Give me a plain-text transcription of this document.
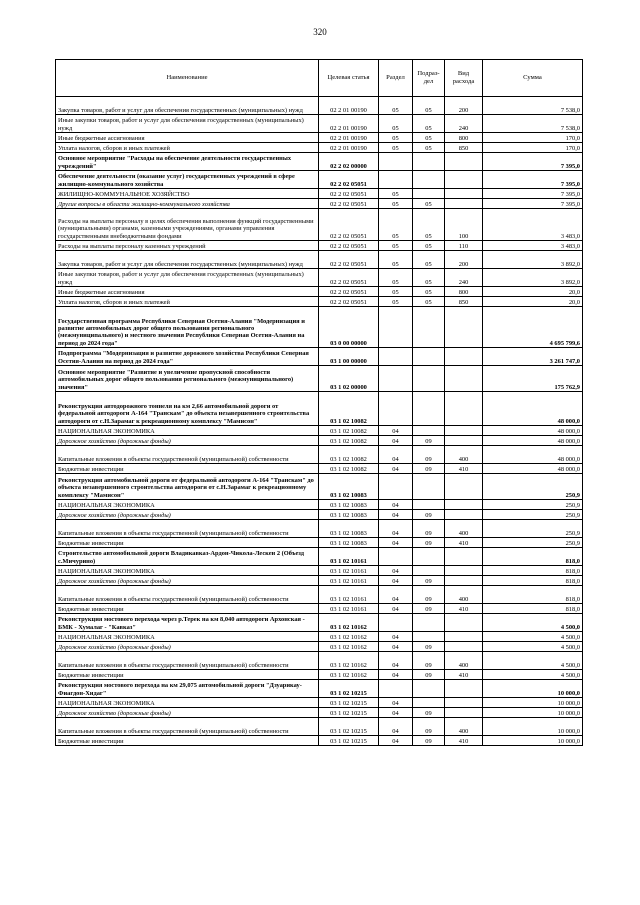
320
Наименование	Целевая статья	Раздел	Подраз-дел	Вид расхода	Сумма
Закупка товаров, работ и услуг для обеспечения государственных (муниципальных) нужд	02 2 01 00190	05	05	200	7 538,0
Иные закупки товаров, работ и услуг для обеспечения государственных (муниципальных) нужд	02 2 01 00190	05	05	240	7 538,0
Иные бюджетные ассигнования	02 2 01 00190	05	05	800	170,0
Уплата налогов, сборов и иных платежей	02 2 01 00190	05	05	850	170,0
Основное мероприятие "Расходы на обеспечение деятельности государственных учреждений"	02 2 02 00000				7 395,0
Обеспечение деятельности (оказание услуг) государственных учреждений в сфере жилищно-коммунального хозяйства	02 2 02 05051				7 395,0
ЖИЛИЩНО-КОММУНАЛЬНОЕ ХОЗЯЙСТВО	02 2 02 05051	05			7 395,0
Другие вопросы в области жилищно-коммунального хозяйства	02 2 02 05051	05	05		7 395,0
Расходы на выплаты персоналу в целях обеспечения выполнения функций государственными (муниципальными) органами, казенными учреждениями, органами управления государственными внебюджетными фондами	02 2 02 05051	05	05	100	3 483,0
Расходы на выплаты персоналу казенных учреждений	02 2 02 05051	05	05	110	3 483,0
Закупка товаров, работ и услуг для обеспечения государственных (муниципальных) нужд	02 2 02 05051	05	05	200	3 892,0
Иные закупки товаров, работ и услуг для обеспечения государственных (муниципальных) нужд	02 2 02 05051	05	05	240	3 892,0
Иные бюджетные ассигнования	02 2 02 05051	05	05	800	20,0
Уплата налогов, сборов и иных платежей	02 2 02 05051	05	05	850	20,0
Государственная программа Республики Северная Осетия-Алания "Модернизация и развитие автомобильных дорог общего пользования регионального (межмуниципального) и местного значения Республики Северная Осетия-Алания на период до 2024 года"	03 0 00 00000				4 695 799,6
Подпрограмма "Модернизация и развитие дорожного хозяйства Республики Северная Осетия-Алания на период до 2024 года"	03 1 00 00000				3 261 747,0
Основное мероприятие "Развитие и увеличение пропускной способности автомобильных дорог общего пользования регионального (межмуниципального) значения"	03 1 02 00000				175 762,9
Реконструкция автодорожного тоннеля на км 2,66 автомобильной дороги от федеральной автодороги А-164 "Транскам" до объекта незавершенного строительства автодороги от с.Н.Зарамаг к рекреационному комплексу "Мамисон"	03 1 02 10082				48 000,0
НАЦИОНАЛЬНАЯ ЭКОНОМИКА	03 1 02 10082	04			48 000,0
Дорожное хозяйство (дорожные фонды)	03 1 02 10082	04	09		48 000,0
Капитальные вложения в объекты государственной (муниципальной) собственности	03 1 02 10082	04	09	400	48 000,0
Бюджетные инвестиции	03 1 02 10082	04	09	410	48 000,0
Реконструкция автомобильной дороги от федеральной автодороги А-164 "Транскам" до объекта незавершенного строительства автодороги от с.Н.Зарамаг к рекреационному комплексу "Мамисон"	03 1 02 10083				250,9
НАЦИОНАЛЬНАЯ ЭКОНОМИКА	03 1 02 10083	04			250,9
Дорожное хозяйство (дорожные фонды)	03 1 02 10083	04	09		250,9
Капитальные вложения в объекты государственной (муниципальной) собственности	03 1 02 10083	04	09	400	250,9
Бюджетные инвестиции	03 1 02 10083	04	09	410	250,9
Строительство автомобильной дороги Владикавказ-Ардон-Чикола-Лескен 2 (Объезд с.Мичурино)	03 1 02 10161				818,0
НАЦИОНАЛЬНАЯ ЭКОНОМИКА	03 1 02 10161	04			818,0
Дорожное хозяйство (дорожные фонды)	03 1 02 10161	04	09		818,0
Капитальные вложения в объекты государственной (муниципальной) собственности	03 1 02 10161	04	09	400	818,0
Бюджетные инвестиции	03 1 02 10161	04	09	410	818,0
Реконструкция мостового перехода через р.Терек на км 8,040 автодороги Архонская - БМК - Хумалаг - "Кавказ"	03 1 02 10162				4 500,0
НАЦИОНАЛЬНАЯ ЭКОНОМИКА	03 1 02 10162	04			4 500,0
Дорожное хозяйство (дорожные фонды)	03 1 02 10162	04	09		4 500,0
Капитальные вложения в объекты государственной (муниципальной) собственности	03 1 02 10162	04	09	400	4 500,0
Бюджетные инвестиции	03 1 02 10162	04	09	410	4 500,0
Реконструкция мостового перехода на км 29,075 автомобильной дороги "Дзуарикау-Фиагдон-Хидаг"	03 1 02 10215				10 000,0
НАЦИОНАЛЬНАЯ ЭКОНОМИКА	03 1 02 10215	04			10 000,0
Дорожное хозяйство (дорожные фонды)	03 1 02 10215	04	09		10 000,0
Капитальные вложения в объекты государственной (муниципальной) собственности	03 1 02 10215	04	09	400	10 000,0
Бюджетные инвестиции	03 1 02 10215	04	09	410	10 000,0
